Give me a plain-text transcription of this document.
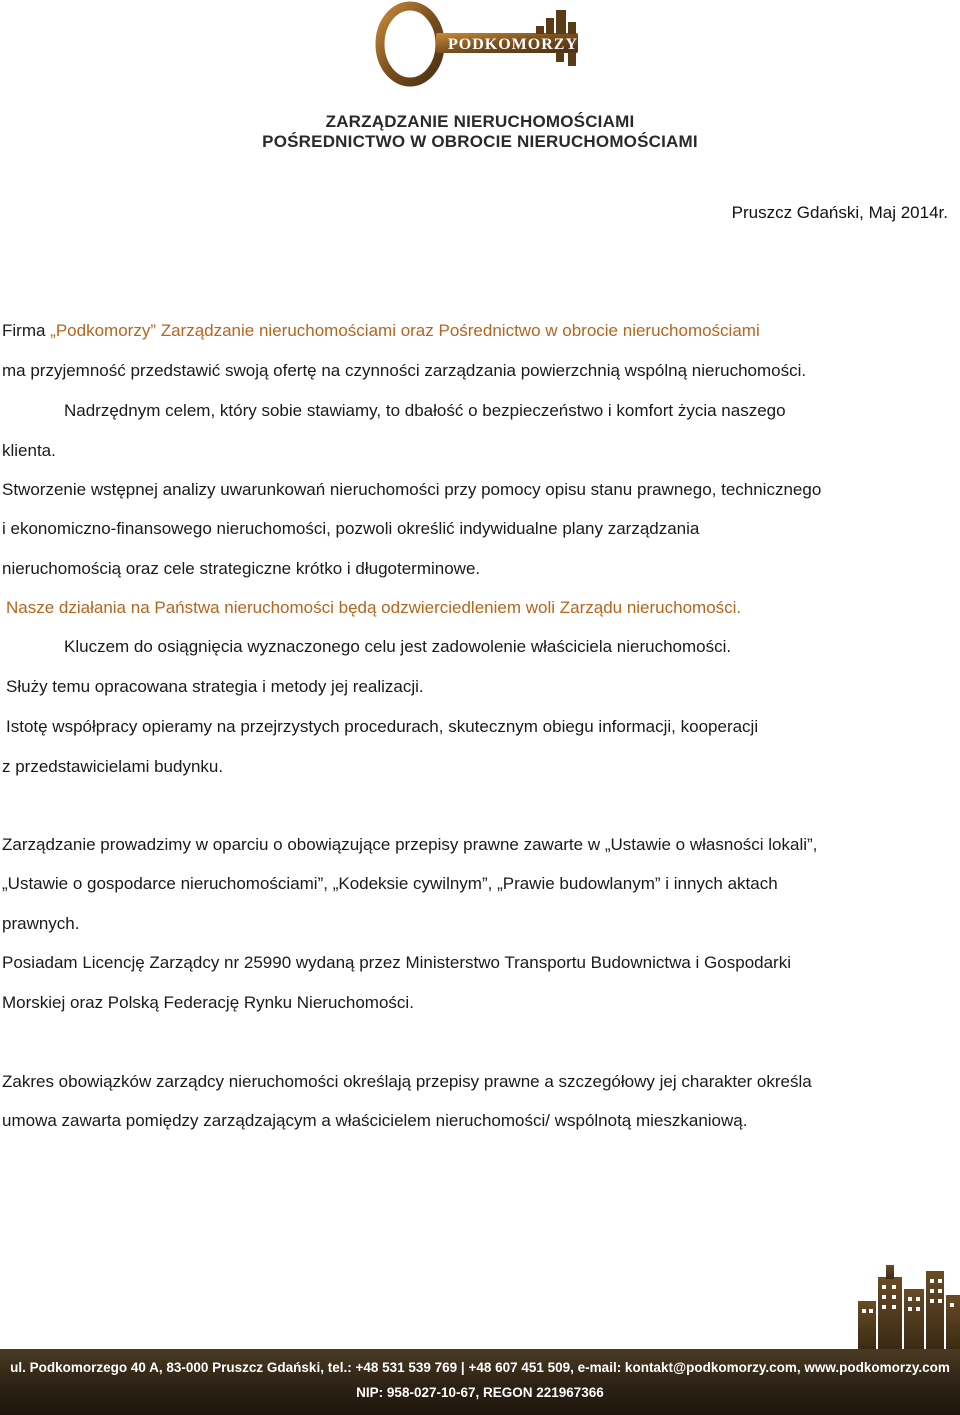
PODKOMORZY
ZARZĄDZANIE NIERUCHOMOŚCIAMI
POŚREDNICTWO W OBROCIE NIERUCHOMOŚCIAMI
Pruszcz Gdański, Maj 2014r.
Firma „Podkomorzy” Zarządzanie nieruchomościami oraz Pośrednictwo w obrocie nieruchomościami
ma przyjemność przedstawić swoją ofertę na czynności zarządzania powierzchnią wspólną nieruchomości.
Nadrzędnym celem, który sobie stawiamy, to dbałość o bezpieczeństwo i komfort życia naszego
klienta.
Stworzenie wstępnej analizy uwarunkowań nieruchomości przy pomocy opisu stanu prawnego, technicznego
i ekonomiczno-finansowego nieruchomości, pozwoli określić indywidualne plany zarządzania
nieruchomością oraz cele strategiczne krótko i długoterminowe.
Nasze działania na Państwa nieruchomości będą odzwierciedleniem woli Zarządu nieruchomości.
Kluczem do osiągnięcia wyznaczonego celu jest zadowolenie właściciela nieruchomości.
Służy temu opracowana strategia i metody jej realizacji.
Istotę współpracy opieramy na przejrzystych procedurach, skutecznym obiegu informacji, kooperacji
z przedstawicielami budynku.
Zarządzanie prowadzimy w oparciu o obowiązujące przepisy prawne zawarte w „Ustawie o własności lokali”,
„Ustawie o gospodarce nieruchomościami”, „Kodeksie cywilnym”, „Prawie budowlanym” i innych aktach
prawnych.
Posiadam Licencję Zarządcy nr 25990 wydaną przez Ministerstwo Transportu Budownictwa i Gospodarki
Morskiej oraz Polską Federację Rynku Nieruchomości.
Zakres obowiązków zarządcy nieruchomości określają przepisy prawne a szczegółowy jej charakter określa
umowa zawarta pomiędzy zarządzającym a właścicielem nieruchomości/ wspólnotą mieszkaniową.
ul. Podkomorzego 40 A, 83-000 Pruszcz Gdański, tel.: +48 531 539 769 | +48 607 451 509, e-mail: kontakt@podkomorzy.com, www.podkomorzy.com
NIP: 958-027-10-67, REGON 221967366
